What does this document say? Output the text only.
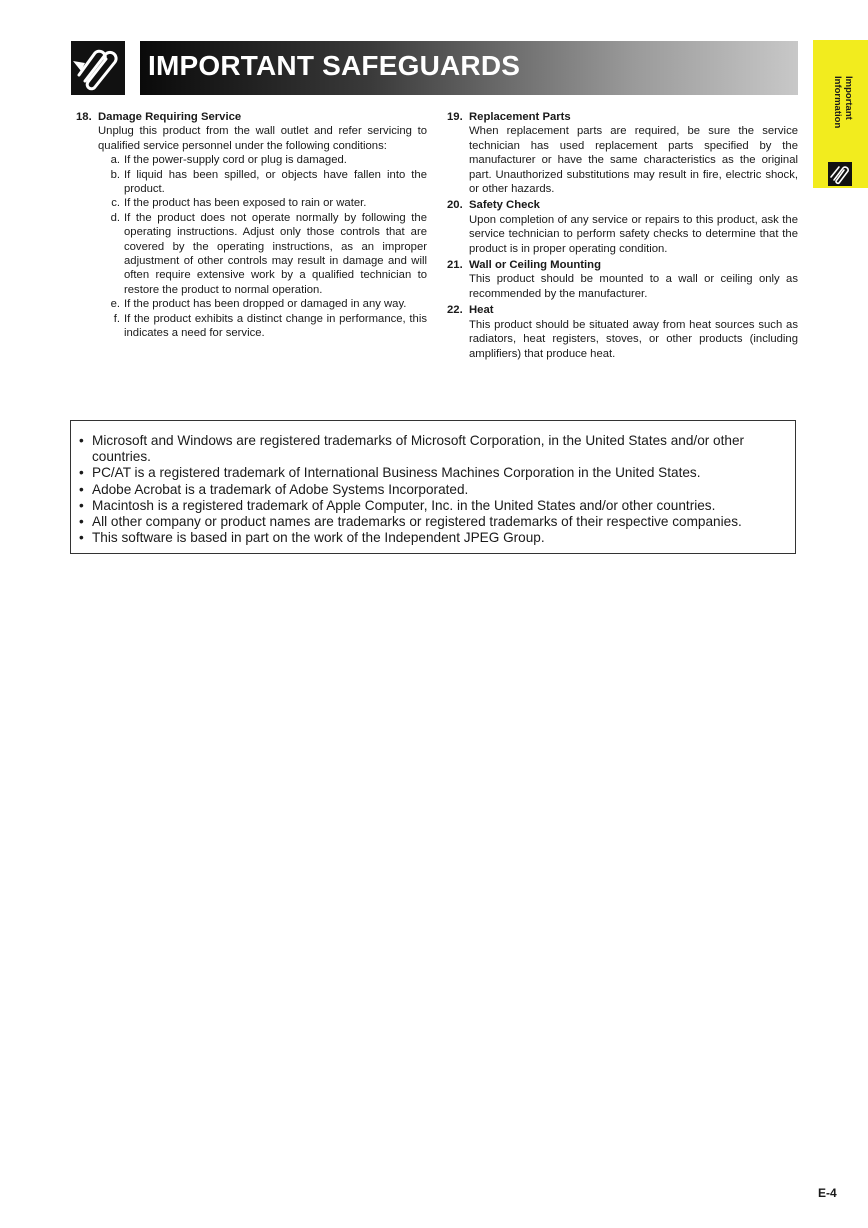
IMPORTANT SAFEGUARDS
Important
Information
18. Damage Requiring Service
Unplug this product from the wall outlet and refer servicing to qualified service personnel under the following conditions:
a. If the power-supply cord or plug is damaged.
b. If liquid has been spilled, or objects have fallen into the product.
c. If the product has been exposed to rain or water.
d. If the product does not operate normally by following the operating instructions. Adjust only those controls that are covered by the operating instructions, as an improper adjustment of other controls may result in damage and will often require extensive work by a qualified technician to restore the product to normal operation.
e. If the product has been dropped or damaged in any way.
f. If the product exhibits a distinct change in performance, this indicates a need for service.
19. Replacement Parts
When replacement parts are required, be sure the service technician has used replacement parts specified by the manufacturer or have the same characteristics as the original part. Unauthorized substitutions may result in fire, electric shock, or other hazards.
20. Safety Check
Upon completion of any service or repairs to this product, ask the service technician to perform safety checks to determine that the product is in proper operating condition.
21. Wall or Ceiling Mounting
This product should be mounted to a wall or ceiling only as recommended by the manufacturer.
22. Heat
This product should be situated away from heat sources such as radiators, heat registers, stoves, or other products (including amplifiers) that produce heat.
• Microsoft and Windows are registered trademarks of Microsoft Corporation, in the United States and/or other countries.
• PC/AT is a registered trademark of International Business Machines Corporation in the United States.
• Adobe Acrobat is a trademark of Adobe Systems Incorporated.
• Macintosh is a registered trademark of Apple Computer, Inc. in the United States and/or other countries.
• All other company or product names are trademarks or registered trademarks of their respective companies.
• This software is based in part on the work of the Independent JPEG Group.
E-4
